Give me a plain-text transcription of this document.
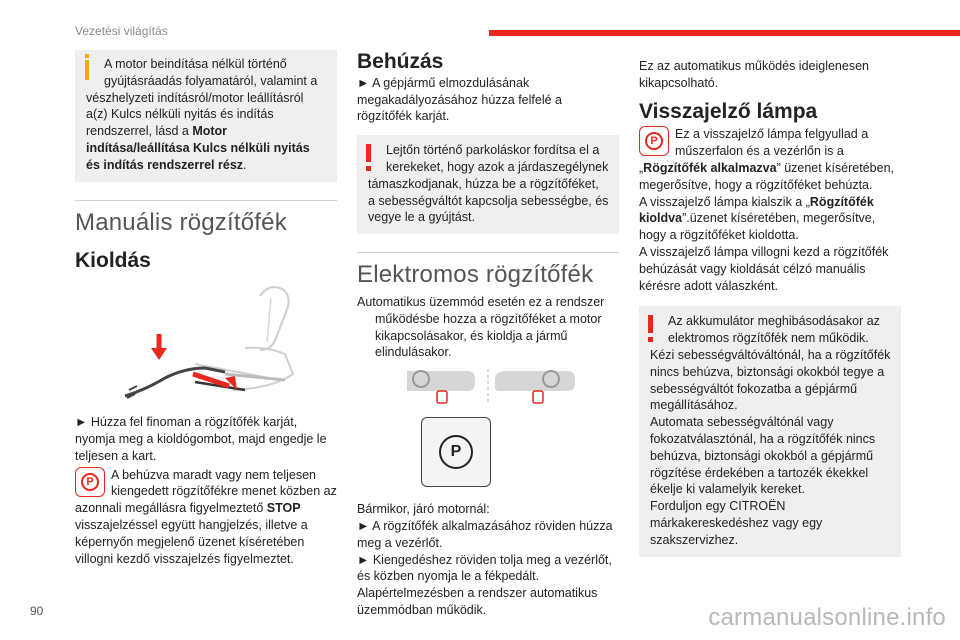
Vezetési világítás

A motor beindítása nélkül történő

gyújtásráadás folyamatáról, valamint a

vészhelyzeti indításról/motor leállításról a(z) Kulcs nélküli nyitás és indítás rendszerrel, lásd a Motor indítása/leállítása Kulcs nélküli nyitás és indítás rendszerrel rész.

Manuális rögzítőfék
Kioldás

► Húzza fel finoman a rögzítőfék karját, nyomja meg a kioldógombot, majd engedje le teljesen a kart.

P	A behúzva maradt vagy nem teljesen

kiengedett rögzítőfékre menet közben az

azonnali megállásra figyelmeztető STOP visszajelzéssel együtt hangjelzés, illetve a képernyőn megjelenő üzenet kíséretében villogni kezdő visszajelzés figyelmeztet.

Behúzás

► A gépjármű elmozdulásának megakadályozásához húzza felfelé a rögzítőfék karját.

Lejtőn történő parkoláskor fordítsa el a

kerekeket, hogy azok a járdaszegélynek

támaszkodjanak, húzza be a rögzítőféket, a sebességváltót kapcsolja sebességbe, és vegye le a gyújtást.

Elektromos rögzítőfék

Automatikus üzemmód esetén ez a rendszer

működésbe hozza a rögzítőféket a motor

kikapcsolásakor, és kioldja a jármű elindulásakor.

P

Bármikor, járó motornál:

► A rögzítőfék alkalmazásához röviden húzza meg a vezérlőt.

► Kiengedéshez röviden tolja meg a vezérlőt, és közben nyomja le a fékpedált.

Alapértelmezésben a rendszer automatikus üzemmódban működik.

Ez az automatikus működés ideiglenesen kikapcsolható.

Visszajelző lámpa
P	Ez a visszajelző lámpa felgyullad a

műszerfalon és a vezérlőn is a

„Rögzítőfék alkalmazva” üzenet kíséretében, megerősítve, hogy a rögzítőféket behúzta.

A visszajelző lámpa kialszik a „Rögzítőfék kioldva”.üzenet kíséretében, megerősítve, hogy a rögzítőféket kioldotta.

A visszajelző lámpa villogni kezd a rögzítőfék behúzását vagy kioldását célzó manuális kérésre adott válaszként.

Az akkumulátor meghibásodásakor az

elektromos rögzítőfék nem működik.

Kézi sebességváltóváltónál, ha a rögzítőfék nincs behúzva, biztonsági okokból tegye a sebességváltót fokozatba a gépjármű megállításához.

Automata sebességváltónál vagy fokozatválasztónál, ha a rögzítőfék nincs behúzva, biztonsági okokból a gépjármű rögzítése érdekében a tartozék ékekkel ékelje ki valamelyik kereket.

Forduljon egy CITROËN márkakereskedéshez vagy egy szakszervizhez.

90	carmanualsonline.info
